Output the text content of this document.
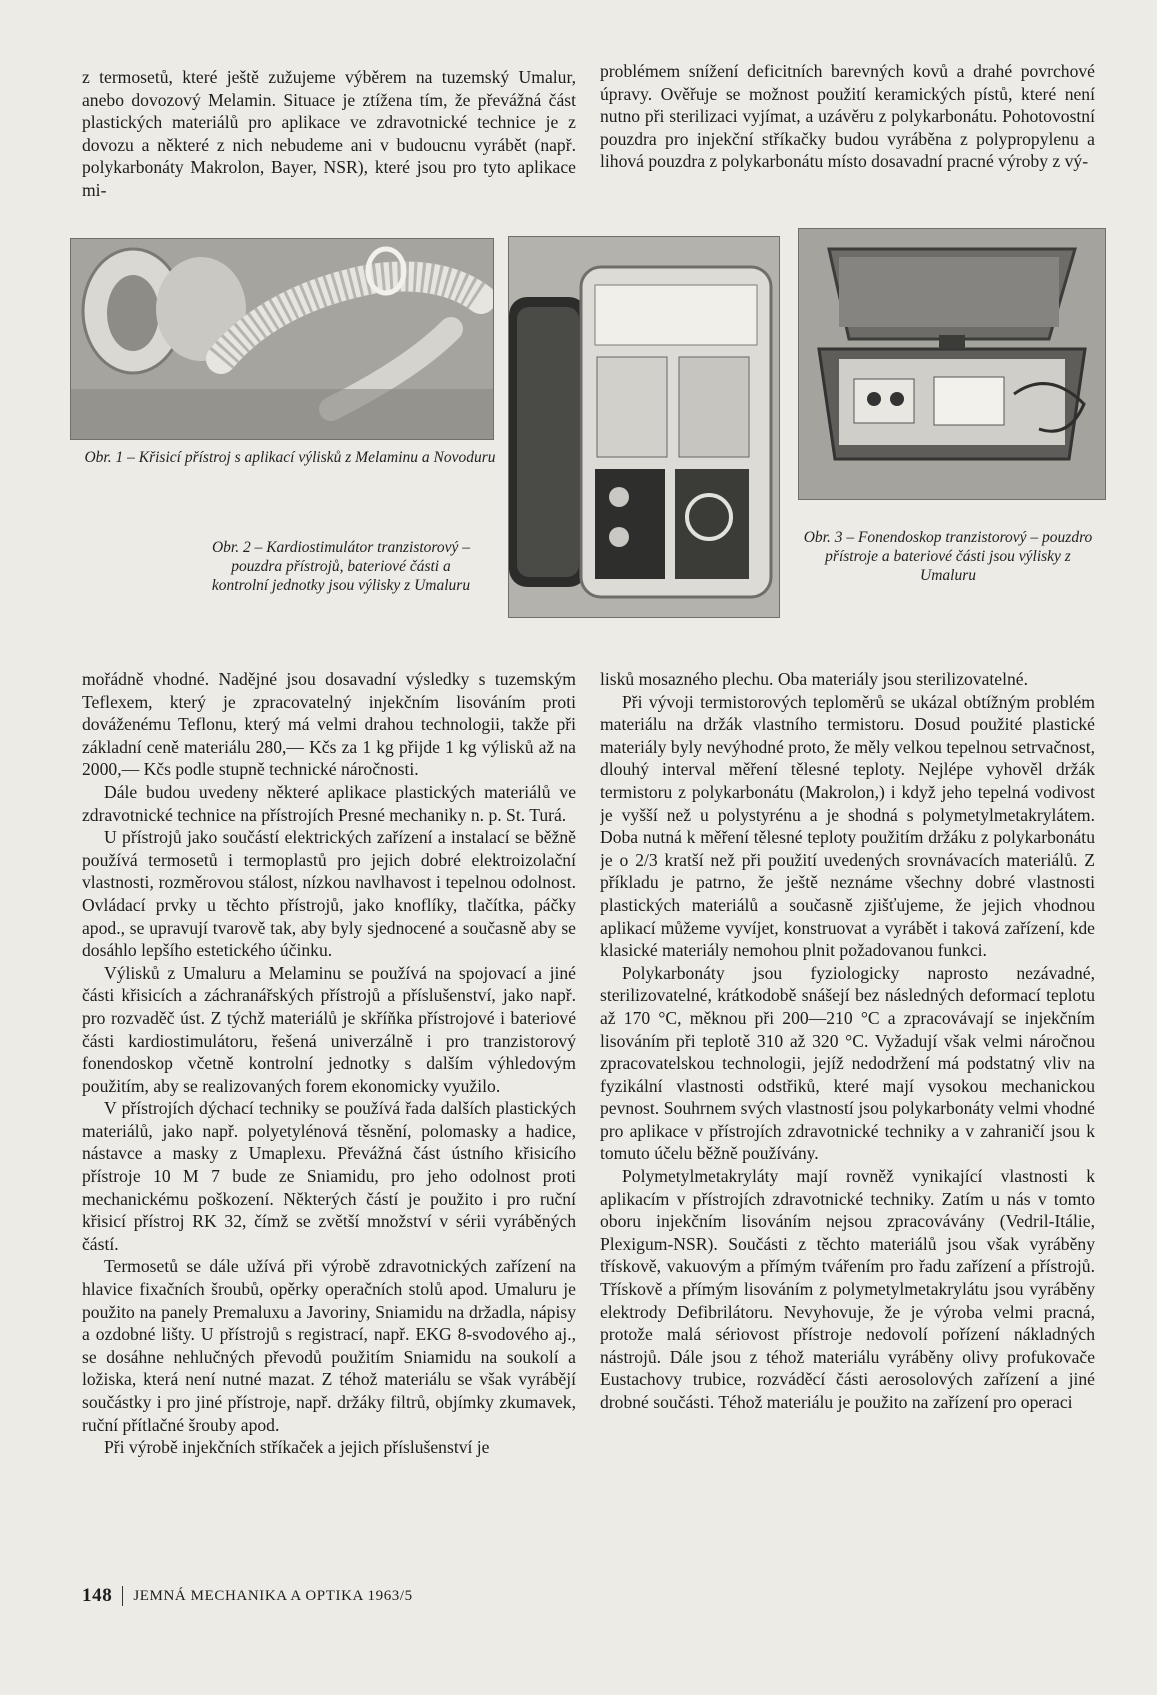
z termosetů, které ještě zužujeme výběrem na tuzemský Umalur, anebo dovozový Melamin. Situace je ztížena tím, že převážná část plastických materiálů pro aplikace ve zdravotnické technice je z dovozu a některé z nich nebudeme ani v budoucnu vyrábět (např. polykarbonáty Makrolon, Bayer, NSR), které jsou pro tyto aplikace mi-

problémem snížení deficitních barevných kovů a drahé povrchové úpravy. Ověřuje se možnost použití keramických pístů, které není nutno při sterilizaci vyjímat, a uzávěru z polykarbonátu. Pohotovostní pouzdra pro injekční stříkačky budou vyráběna z polypropylenu a lihová pouzdra z polykarbonátu místo dosavadní pracné výroby z vý-

Obr. 1 – Křisicí přístroj s aplikací výlisků z Melaminu a Novoduru
Obr. 2 – Kardiostimulátor tranzistorový – pouzdra přístrojů, bateriové části a kontrolní jednotky jsou výlisky z Umaluru
Obr. 3 – Fonendoskop tranzistorový – pouzdro přístroje a bateriové části jsou výlisky z Umaluru

mořádně vhodné. Nadějné jsou dosavadní výsledky s tuzemským Teflexem, který je zpracovatelný injekčním lisováním proti dováženému Teflonu, který má velmi drahou technologii, takže při základní ceně materiálu 280,— Kčs za 1 kg přijde 1 kg výlisků až na 2000,— Kčs podle stupně technické náročnosti.

Dále budou uvedeny některé aplikace plastických materiálů ve zdravotnické technice na přístrojích Presné mechaniky n. p. St. Turá.

U přístrojů jako součástí elektrických zařízení a instalací se běžně používá termosetů i termoplastů pro jejich dobré elektroizolační vlastnosti, rozměrovou stálost, nízkou navlhavost i tepelnou odolnost. Ovládací prvky u těchto přístrojů, jako knoflíky, tlačítka, páčky apod., se upravují tvarově tak, aby byly sjednocené a současně aby se dosáhlo lepšího estetického účinku.

Výlisků z Umaluru a Melaminu se používá na spojovací a jiné části křisicích a záchranářských přístrojů a příslušenství, jako např. pro rozvaděč úst. Z týchž materiálů je skříňka přístrojové i bateriové části kardiostimulátoru, řešená univerzálně i pro tranzistorový fonendoskop včetně kontrolní jednotky s dalším výhledovým použitím, aby se realizovaných forem ekonomicky využilo.

V přístrojích dýchací techniky se používá řada dalších plastických materiálů, jako např. polyetylénová těsnění, polomasky a hadice, nástavce a masky z Umaplexu. Převážná část ústního křisicího přístroje 10 M 7 bude ze Sniamidu, pro jeho odolnost proti mechanickému poškození. Některých částí je použito i pro ruční křisicí přístroj RK 32, čímž se zvětší množství v sérii vyráběných částí.

Termosetů se dále užívá při výrobě zdravotnických zařízení na hlavice fixačních šroubů, opěrky operačních stolů apod. Umaluru je použito na panely Premaluxu a Javoriny, Sniamidu na držadla, nápisy a ozdobné lišty. U přístrojů s registrací, např. EKG 8-svodového aj., se dosáhne nehlučných převodů použitím Sniamidu na soukolí a ložiska, která není nutné mazat. Z téhož materiálu se však vyrábějí součástky i pro jiné přístroje, např. držáky filtrů, objímky zkumavek, ruční přítlačné šrouby apod.

Při výrobě injekčních stříkaček a jejich příslušenství je

lisků mosazného plechu. Oba materiály jsou sterilizovatelné.

Při vývoji termistorových teploměrů se ukázal obtížným problém materiálu na držák vlastního termistoru. Dosud použité plastické materiály byly nevýhodné proto, že měly velkou tepelnou setrvačnost, dlouhý interval měření tělesné teploty. Nejlépe vyhověl držák termistoru z polykarbonátu (Makrolon,) i když jeho tepelná vodivost je vyšší než u polystyrénu a je shodná s polymetylmetakrylátem. Doba nutná k měření tělesné teploty použitím držáku z polykarbonátu je o 2/3 kratší než při použití uvedených srovnávacích materiálů. Z příkladu je patrno, že ještě neznáme všechny dobré vlastnosti plastických materiálů a současně zjišťujeme, že jejich vhodnou aplikací můžeme vyvíjet, konstruovat a vyrábět i taková zařízení, kde klasické materiály nemohou plnit požadovanou funkci.

Polykarbonáty jsou fyziologicky naprosto nezávadné, sterilizovatelné, krátkodobě snášejí bez následných deformací teplotu až 170 °C, měknou při 200—210 °C a zpracovávají se injekčním lisováním při teplotě 310 až 320 °C. Vyžadují však velmi náročnou zpracovatelskou technologii, jejíž nedodržení má podstatný vliv na fyzikální vlastnosti odstřiků, které mají vysokou mechanickou pevnost. Souhrnem svých vlastností jsou polykarbonáty velmi vhodné pro aplikace v přístrojích zdravotnické techniky a v zahraničí jsou k tomuto účelu běžně používány.

Polymetylmetakryláty mají rovněž vynikající vlastnosti k aplikacím v přístrojích zdravotnické techniky. Zatím u nás v tomto oboru injekčním lisováním nejsou zpracovávány (Vedril-Itálie, Plexigum-NSR). Součásti z těchto materiálů jsou však vyráběny třískově, vakuovým a přímým tvářením pro řadu zařízení a přístrojů. Třískově a přímým lisováním z polymetylmetakrylátu jsou vyráběny elektrody Defibrilátoru. Nevyhovuje, že je výroba velmi pracná, protože malá sériovost přístroje nedovolí pořízení nákladných nástrojů. Dále jsou z téhož materiálu vyráběny olivy profukovače Eustachovy trubice, rozváděcí části aerosolových zařízení a jiné drobné součásti. Téhož materiálu je použito na zařízení pro operaci

148 JEMNÁ MECHANIKA A OPTIKA 1963/5
